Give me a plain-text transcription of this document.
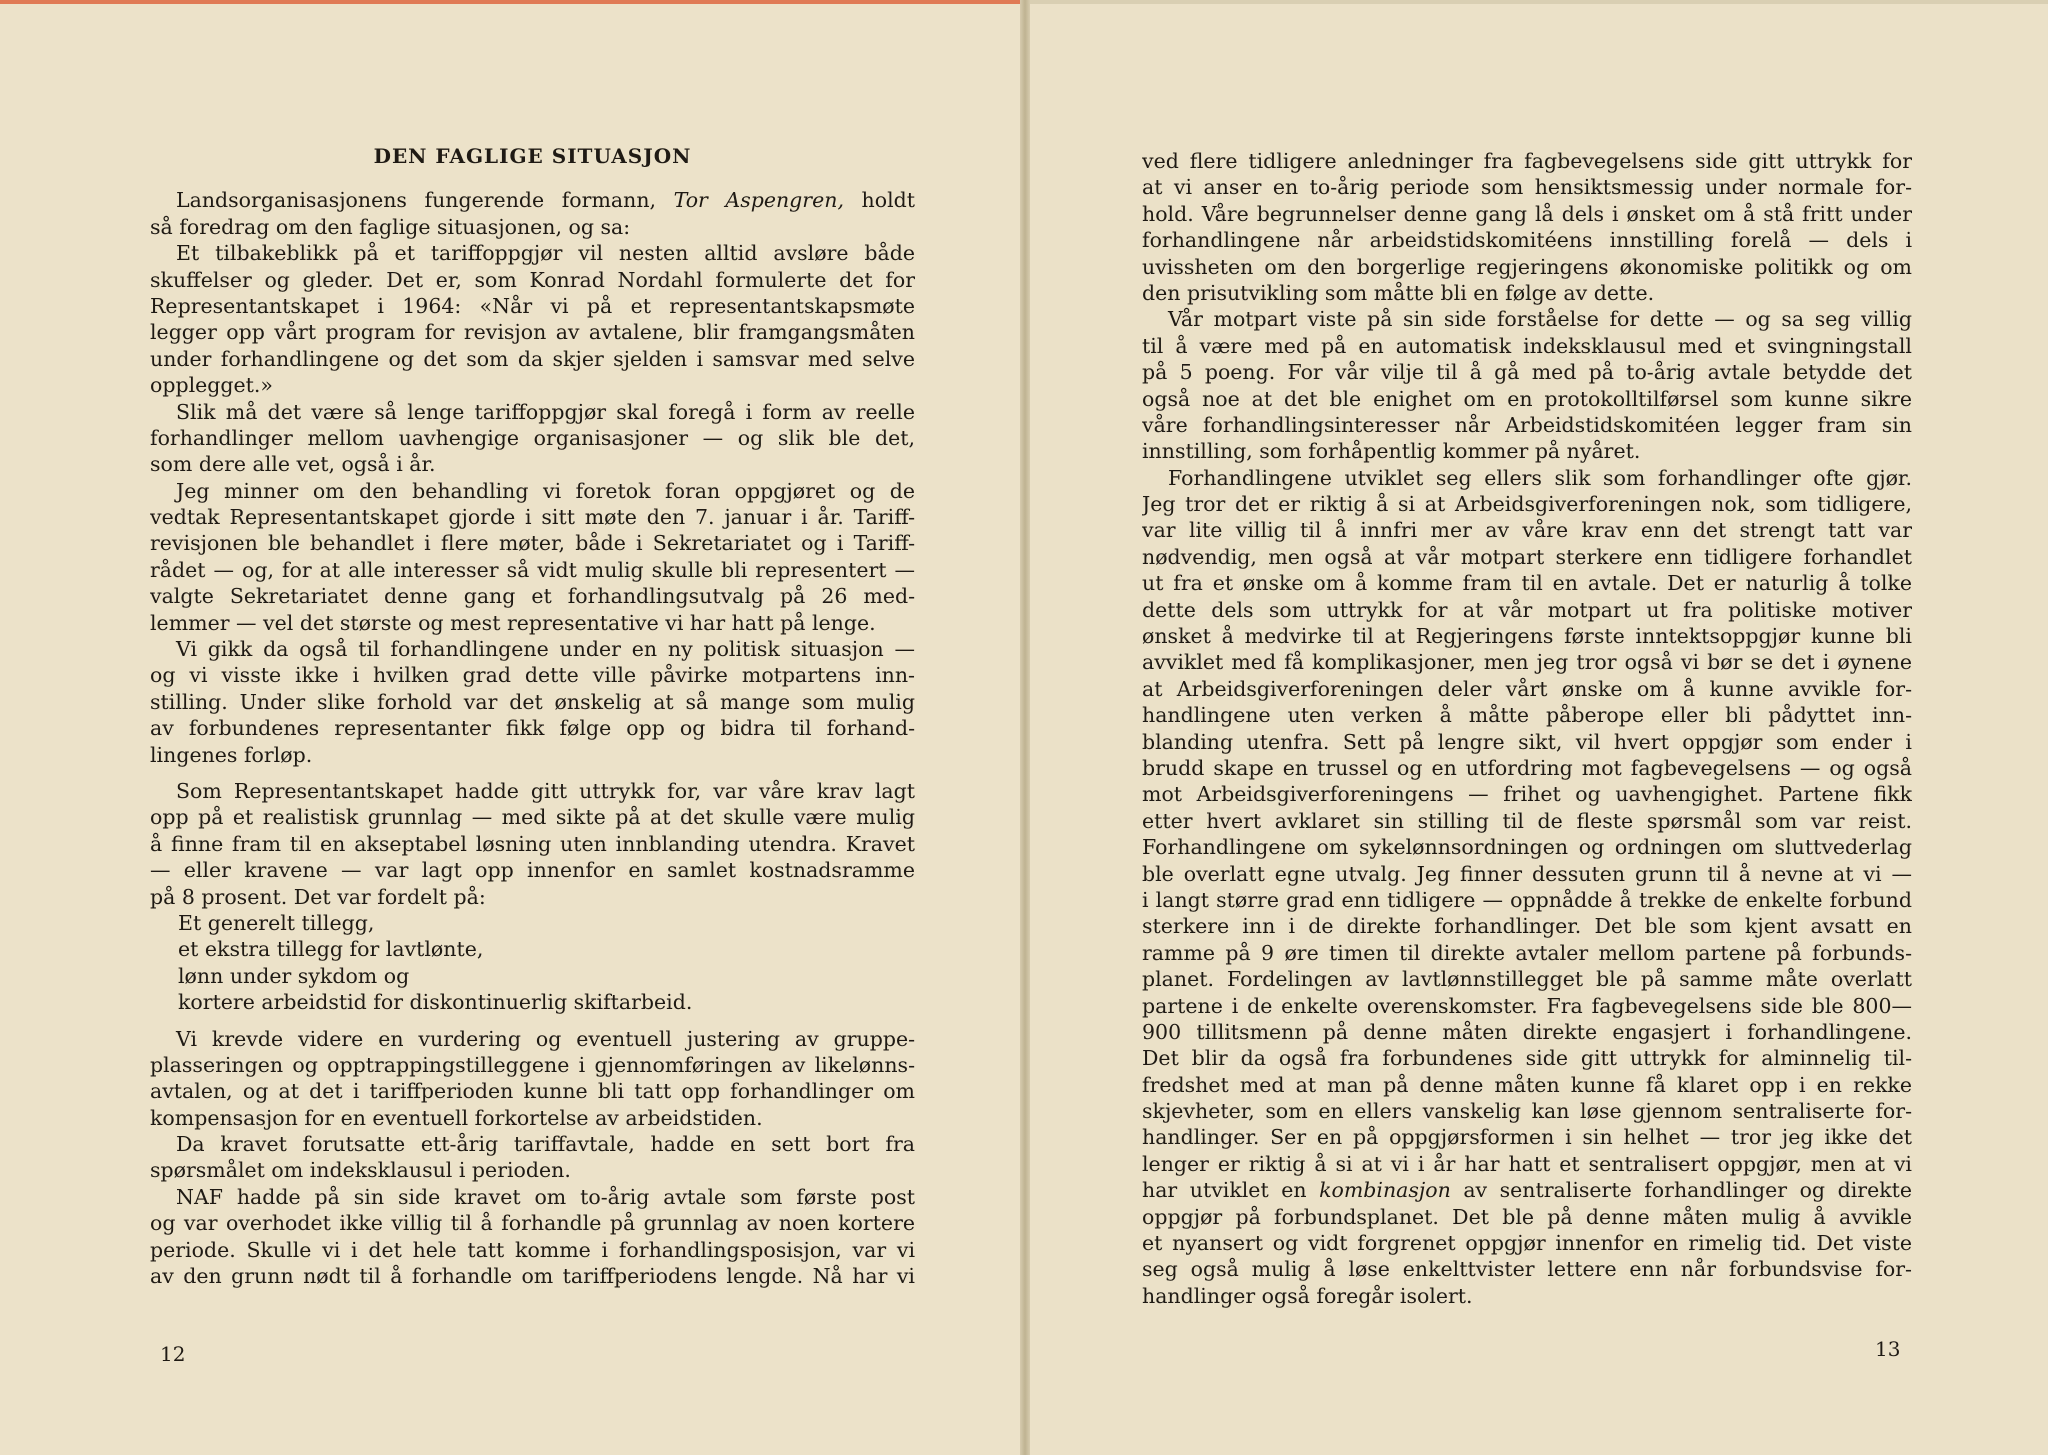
DEN FAGLIGE SITUASJON
Landsorganisasjonens fungerende formann, Tor Aspengren, holdt
så foredrag om den faglige situasjonen, og sa:
Et tilbakeblikk på et tariffoppgjør vil nesten alltid avsløre både
skuffelser og gleder. Det er, som Konrad Nordahl formulerte det for
Representantskapet i 1964: «Når vi på et representantskapsmøte
legger opp vårt program for revisjon av avtalene, blir framgangsmåten
under forhandlingene og det som da skjer sjelden i samsvar med selve
opplegget.»
Slik må det være så lenge tariffoppgjør skal foregå i form av reelle
forhandlinger mellom uavhengige organisasjoner — og slik ble det,
som dere alle vet, også i år.
Jeg minner om den behandling vi foretok foran oppgjøret og de
vedtak Representantskapet gjorde i sitt møte den 7. januar i år. Tariff-
revisjonen ble behandlet i flere møter, både i Sekretariatet og i Tariff-
rådet — og, for at alle interesser så vidt mulig skulle bli representert —
valgte Sekretariatet denne gang et forhandlingsutvalg på 26 med-
lemmer — vel det største og mest representative vi har hatt på lenge.
Vi gikk da også til forhandlingene under en ny politisk situasjon —
og vi visste ikke i hvilken grad dette ville påvirke motpartens inn-
stilling. Under slike forhold var det ønskelig at så mange som mulig
av forbundenes representanter fikk følge opp og bidra til forhand-
lingenes forløp.
Som Representantskapet hadde gitt uttrykk for, var våre krav lagt
opp på et realistisk grunnlag — med sikte på at det skulle være mulig
å finne fram til en akseptabel løsning uten innblanding utendra. Kravet
— eller kravene — var lagt opp innenfor en samlet kostnadsramme
på 8 prosent. Det var fordelt på:
Et generelt tillegg,
et ekstra tillegg for lavtlønte,
lønn under sykdom og
kortere arbeidstid for diskontinuerlig skiftarbeid.
Vi krevde videre en vurdering og eventuell justering av gruppe-
plasseringen og opptrappingstilleggene i gjennomføringen av likelønns-
avtalen, og at det i tariffperioden kunne bli tatt opp forhandlinger om
kompensasjon for en eventuell forkortelse av arbeidstiden.
Da kravet forutsatte ett-årig tariffavtale, hadde en sett bort fra
spørsmålet om indeksklausul i perioden.
NAF hadde på sin side kravet om to-årig avtale som første post
og var overhodet ikke villig til å forhandle på grunnlag av noen kortere
periode. Skulle vi i det hele tatt komme i forhandlingsposisjon, var vi
av den grunn nødt til å forhandle om tariffperiodens lengde. Nå har vi
12
ved flere tidligere anledninger fra fagbevegelsens side gitt uttrykk for
at vi anser en to-årig periode som hensiktsmessig under normale for-
hold. Våre begrunnelser denne gang lå dels i ønsket om å stå fritt under
forhandlingene når arbeidstidskomitéens innstilling forelå — dels i
uvissheten om den borgerlige regjeringens økonomiske politikk og om
den prisutvikling som måtte bli en følge av dette.
Vår motpart viste på sin side forståelse for dette — og sa seg villig
til å være med på en automatisk indeksklausul med et svingningstall
på 5 poeng. For vår vilje til å gå med på to-årig avtale betydde det
også noe at det ble enighet om en protokolltilførsel som kunne sikre
våre forhandlingsinteresser når Arbeidstidskomitéen legger fram sin
innstilling, som forhåpentlig kommer på nyåret.
Forhandlingene utviklet seg ellers slik som forhandlinger ofte gjør.
Jeg tror det er riktig å si at Arbeidsgiverforeningen nok, som tidligere,
var lite villig til å innfri mer av våre krav enn det strengt tatt var
nødvendig, men også at vår motpart sterkere enn tidligere forhandlet
ut fra et ønske om å komme fram til en avtale. Det er naturlig å tolke
dette dels som uttrykk for at vår motpart ut fra politiske motiver
ønsket å medvirke til at Regjeringens første inntektsoppgjør kunne bli
avviklet med få komplikasjoner, men jeg tror også vi bør se det i øynene
at Arbeidsgiverforeningen deler vårt ønske om å kunne avvikle for-
handlingene uten verken å måtte påberope eller bli pådyttet inn-
blanding utenfra. Sett på lengre sikt, vil hvert oppgjør som ender i
brudd skape en trussel og en utfordring mot fagbevegelsens — og også
mot Arbeidsgiverforeningens — frihet og uavhengighet. Partene fikk
etter hvert avklaret sin stilling til de fleste spørsmål som var reist.
Forhandlingene om sykelønnsordningen og ordningen om sluttvederlag
ble overlatt egne utvalg. Jeg finner dessuten grunn til å nevne at vi —
i langt større grad enn tidligere — oppnådde å trekke de enkelte forbund
sterkere inn i de direkte forhandlinger. Det ble som kjent avsatt en
ramme på 9 øre timen til direkte avtaler mellom partene på forbunds-
planet. Fordelingen av lavtlønnstillegget ble på samme måte overlatt
partene i de enkelte overenskomster. Fra fagbevegelsens side ble 800—
900 tillitsmenn på denne måten direkte engasjert i forhandlingene.
Det blir da også fra forbundenes side gitt uttrykk for alminnelig til-
fredshet med at man på denne måten kunne få klaret opp i en rekke
skjevheter, som en ellers vanskelig kan løse gjennom sentraliserte for-
handlinger. Ser en på oppgjørsformen i sin helhet — tror jeg ikke det
lenger er riktig å si at vi i år har hatt et sentralisert oppgjør, men at vi
har utviklet en kombinasjon av sentraliserte forhandlinger og direkte
oppgjør på forbundsplanet. Det ble på denne måten mulig å avvikle
et nyansert og vidt forgrenet oppgjør innenfor en rimelig tid. Det viste
seg også mulig å løse enkelttvister lettere enn når forbundsvise for-
handlinger også foregår isolert.
13
